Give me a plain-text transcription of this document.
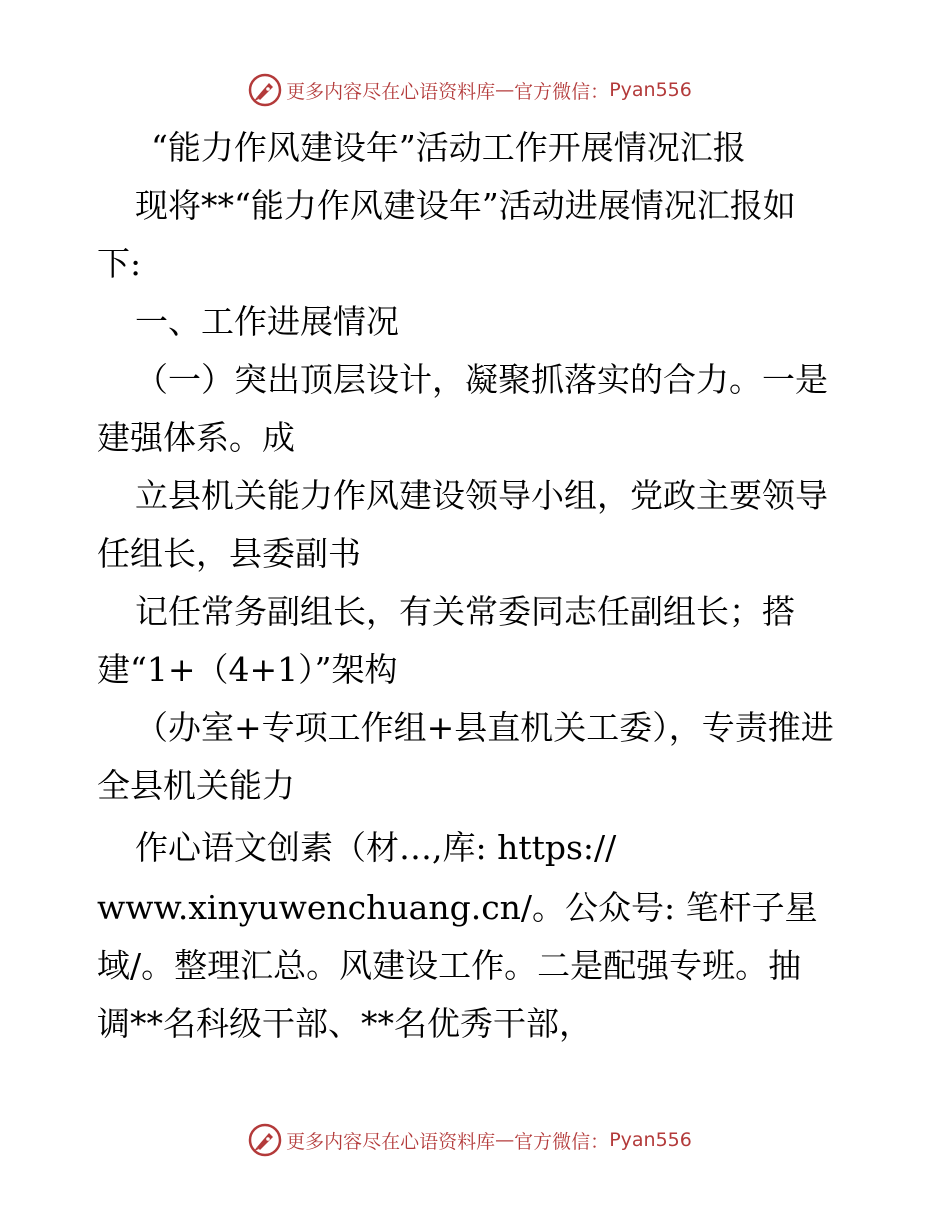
更多内容尽在心语资料库 — 官方微信： Pyan556
“能力作风建设年”活动工作开展情况汇报
现将**“能力作风建设年”活动进展情况汇报如
下:
一、工作进展情况
（一）突出顶层设计，凝聚抓落实的合力。一是
建强体系。成
立县机关能力作风建设领导小组，党政主要领导
任组长，县委副书
记任常务副组长，有关常委同志任副组长；搭
建“1+（4+1）”架构
（办室+专项工作组+县直机关工委），专责推进
全县机关能力
作心语文创素（材…,库: https://
www.xinyuwenchuang.cn/。公众号: 笔杆子星
域/。整理汇总。风建设工作。二是配强专班。抽
调**名科级干部、**名优秀干部，
更多内容尽在心语资料库 — 官方微信： Pyan556
